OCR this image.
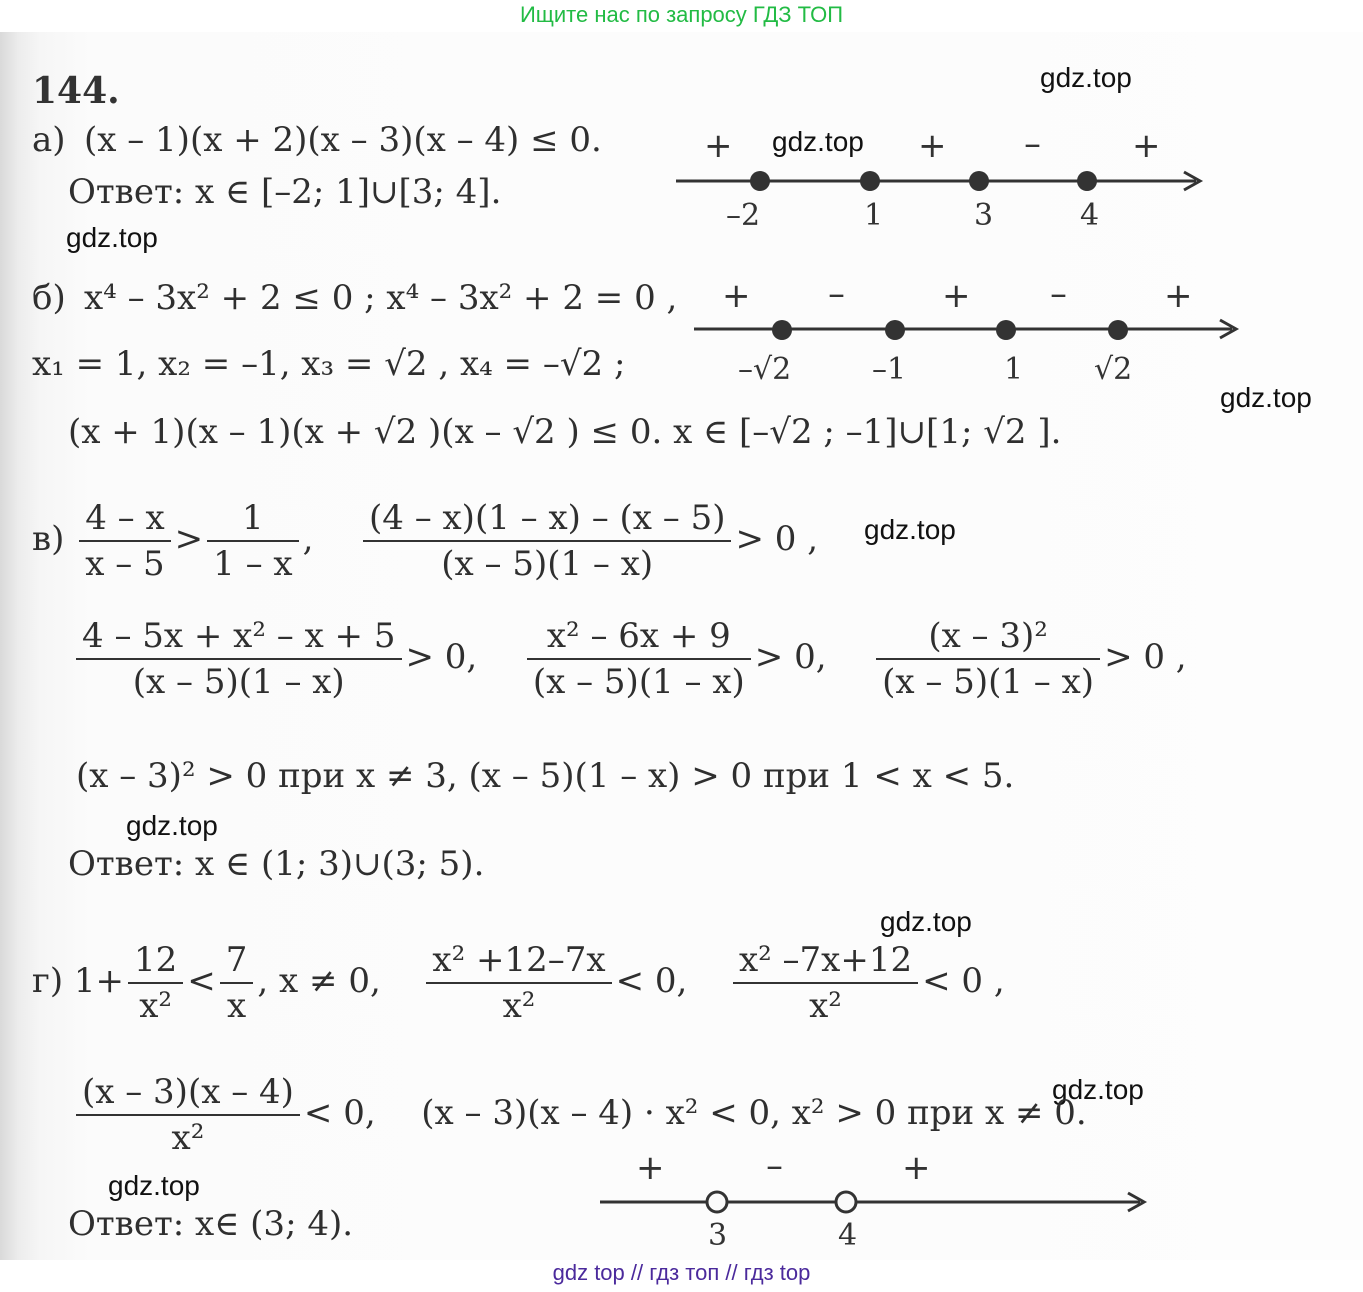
Ищите нас по запросу ГДЗ ТОП
gdz.top
gdz.top
gdz.top
gdz.top
gdz.top
gdz.top
gdz.top
gdz.top
gdz.top
144.
а) (x – 1)(x + 2)(x – 3)(x – 4) ≤ 0.
Ответ: x ∈ [–2; 1]∪[3; 4].
+	+ –	+
–2	1	3	4
б) x⁴ – 3x² + 2 ≤ 0 ; x⁴ – 3x² + 2 = 0 ,
x₁ = 1, x₂ = –1, x₃ = √2 , x₄ = –√2 ;
(x + 1)(x – 1)(x + √2 )(x – √2 ) ≤ 0. x ∈ [–√2 ; –1]∪[1; √2 ].
+ –	+ –	+
–√2	–1	1 √2
$в) \frac{4 - x}{x - 5} > \frac{1}{1 - x}$ , $\frac{(4 - x)(1 - x) - (x - 5)}{(x - 5)(1 - x)} > 0$ ,
$\frac{\text{4 – 5x + x² – x + 5}}{(x - 5)(1 - x)} > 0$, $\frac{\text{x² – 6x + 9}}{(x - 5)(1 - x)} > 0$, $\frac{\text{(x – 3)²}}{(x - 5)(1 - x)} > 0$ ,
(x – 3)² > 0 при x ≠ 3, (x – 5)(1 – x) > 0 при 1 < x < 5.
Ответ: x ∈ (1; 3)∪(3; 5).
г) $1+ \frac{12}{\text{x²}} < \frac{7}{x}$ , x ≠ 0, $\frac{\text{x² +12–7x}}{\text{x²}} < 0$, $\frac{\text{x² –7x+12}}{\text{x²}} < 0$ ,
$\frac{(x - 3)(x - 4)}{\text{x²}} < 0$, (x – 3)(x – 4) · x² < 0, x² > 0 при x ≠ 0.
+	–	+
3	4
Ответ: x∈ (3; 4).
gdz top // гдз топ // гдз top
